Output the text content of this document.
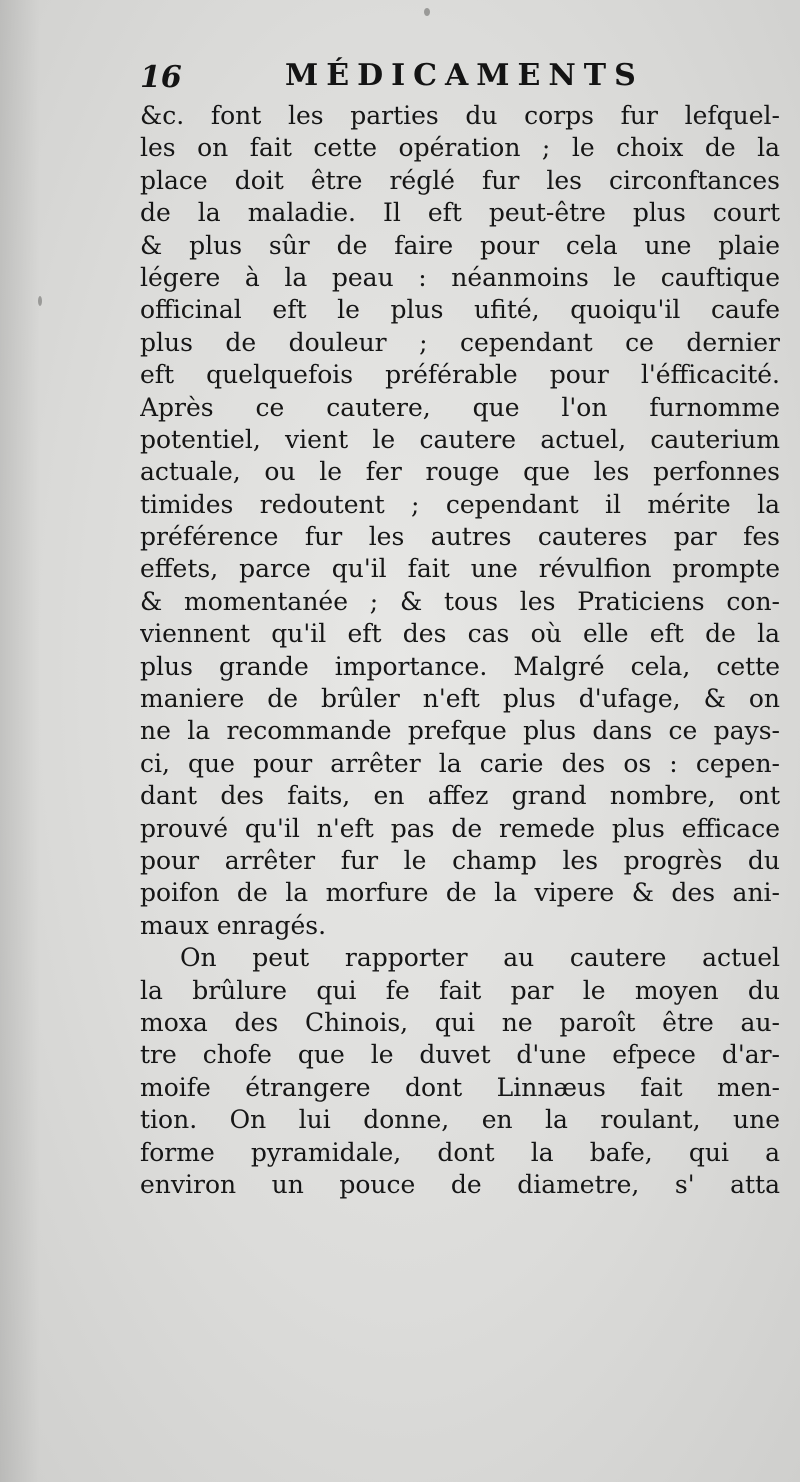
16	MÉDICAMENTS
&c. font les parties du corps fur lefquel-
les on fait cette opération ; le choix de la
place doit être réglé fur les circonftances
de la maladie. Il eft peut-être plus court
& plus sûr de faire pour cela une plaie
légere à la peau : néanmoins le cauftique
officinal eft le plus ufité, quoiqu'il caufe
plus de douleur ; cependant ce dernier
eft quelquefois préférable pour l'éfficacité.
Après ce cautere, que l'on furnomme
potentiel, vient le cautere actuel, cauterium
actuale, ou le fer rouge que les perfonnes
timides redoutent ; cependant il mérite la
préférence fur les autres cauteres par fes
effets, parce qu'il fait une révulfion prompte
& momentanée ; & tous les Praticiens con-
viennent qu'il eft des cas où elle eft de la
plus grande importance. Malgré cela, cette
maniere de brûler n'eft plus d'ufage, & on
ne la recommande prefque plus dans ce pays-
ci, que pour arrêter la carie des os : cepen-
dant des faits, en affez grand nombre, ont
prouvé qu'il n'eft pas de remede plus efficace
pour arrêter fur le champ les progrès du
poifon de la morfure de la vipere & des ani-
maux enragés.
On peut rapporter au cautere actuel
la brûlure qui fe fait par le moyen du
moxa des Chinois, qui ne paroît être au-
tre chofe que le duvet d'une efpece d'ar-
moife étrangere dont Linnæus fait men-
tion. On lui donne, en la roulant, une
forme pyramidale, dont la bafe, qui a
environ un pouce de diametre, s' atta
